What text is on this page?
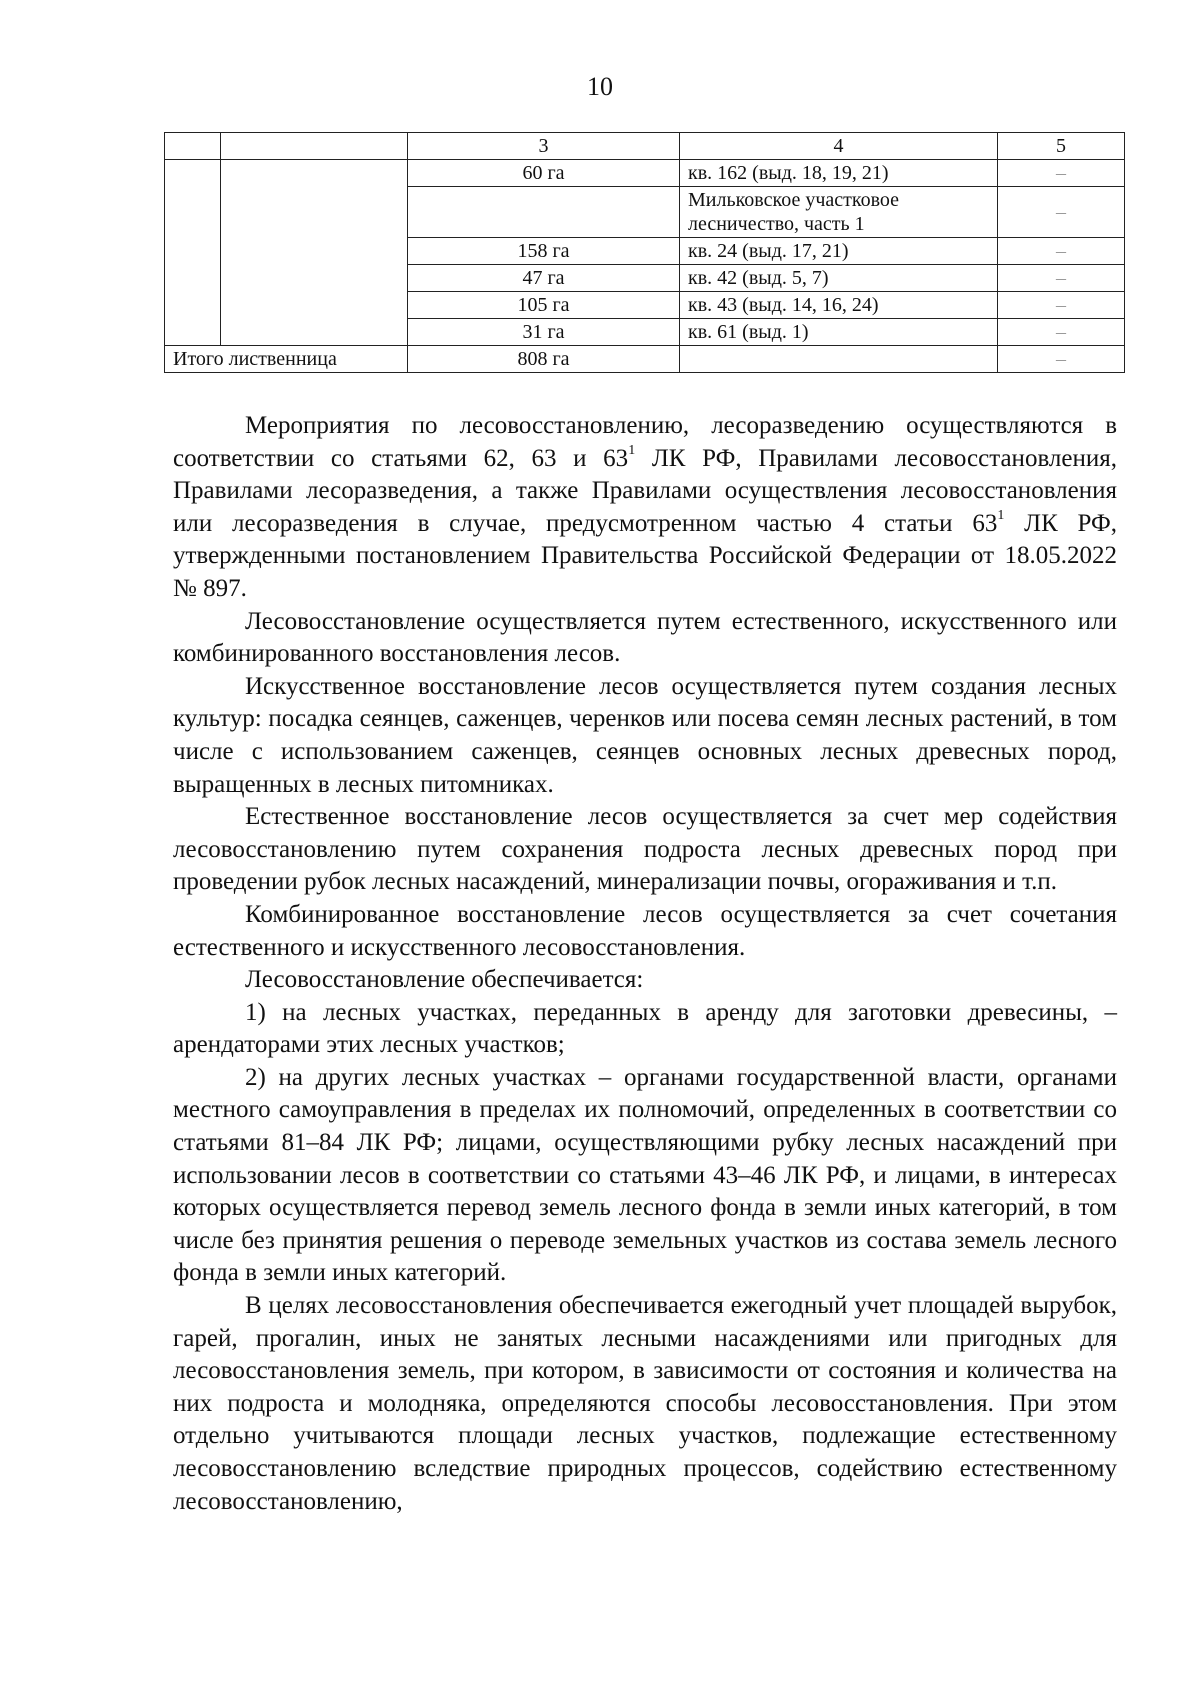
10
		3	4	5
		60 га	кв. 162 (выд. 18, 19, 21)	–
			Мильковское участковое лесничество, часть 1	–
		158 га	кв. 24 (выд. 17, 21)	–
		47 га	кв. 42 (выд. 5, 7)	–
		105 га	кв. 43 (выд. 14, 16, 24)	–
		31 га	кв. 61 (выд. 1)	–
Итого лиственница		808 га		–

Мероприятия по лесовосстановлению, лесоразведению осуществляются в соответствии со статьями 62, 63 и $63^1$ ЛК РФ, Правилами лесовосстановления, Правилами лесоразведения, а также Правилами осуществления лесовосстановления или лесоразведения в случае, предусмотренном частью 4 статьи $63^1$ ЛК РФ, утвержденными постановлением Правительства Российской Федерации от 18.05.2022 № 897.

Лесовосстановление осуществляется путем естественного, искусственного или комбинированного восстановления лесов.

Искусственное восстановление лесов осуществляется путем создания лесных культур: посадка сеянцев, саженцев, черенков или посева семян лесных растений, в том числе с использованием саженцев, сеянцев основных лесных древесных пород, выращенных в лесных питомниках.

Естественное восстановление лесов осуществляется за счет мер содействия лесовосстановлению путем сохранения подроста лесных древесных пород при проведении рубок лесных насаждений, минерализации почвы, огораживания и т.п.

Комбинированное восстановление лесов осуществляется за счет сочетания естественного и искусственного лесовосстановления.

Лесовосстановление обеспечивается:

1) на лесных участках, переданных в аренду для заготовки древесины, – арендаторами этих лесных участков;

2) на других лесных участках – органами государственной власти, органами местного самоуправления в пределах их полномочий, определенных в соответствии со статьями 81–84 ЛК РФ; лицами, осуществляющими рубку лесных насаждений при использовании лесов в соответствии со статьями 43–46 ЛК РФ, и лицами, в интересах которых осуществляется перевод земель лесного фонда в земли иных категорий, в том числе без принятия решения о переводе земельных участков из состава земель лесного фонда в земли иных категорий.

В целях лесовосстановления обеспечивается ежегодный учет площадей вырубок, гарей, прогалин, иных не занятых лесными насаждениями или пригодных для лесовосстановления земель, при котором, в зависимости от состояния и количества на них подроста и молодняка, определяются способы лесовосстановления. При этом отдельно учитываются площади лесных участков, подлежащие естественному лесовосстановлению вследствие природных процессов, содействию естественному лесовосстановлению,
